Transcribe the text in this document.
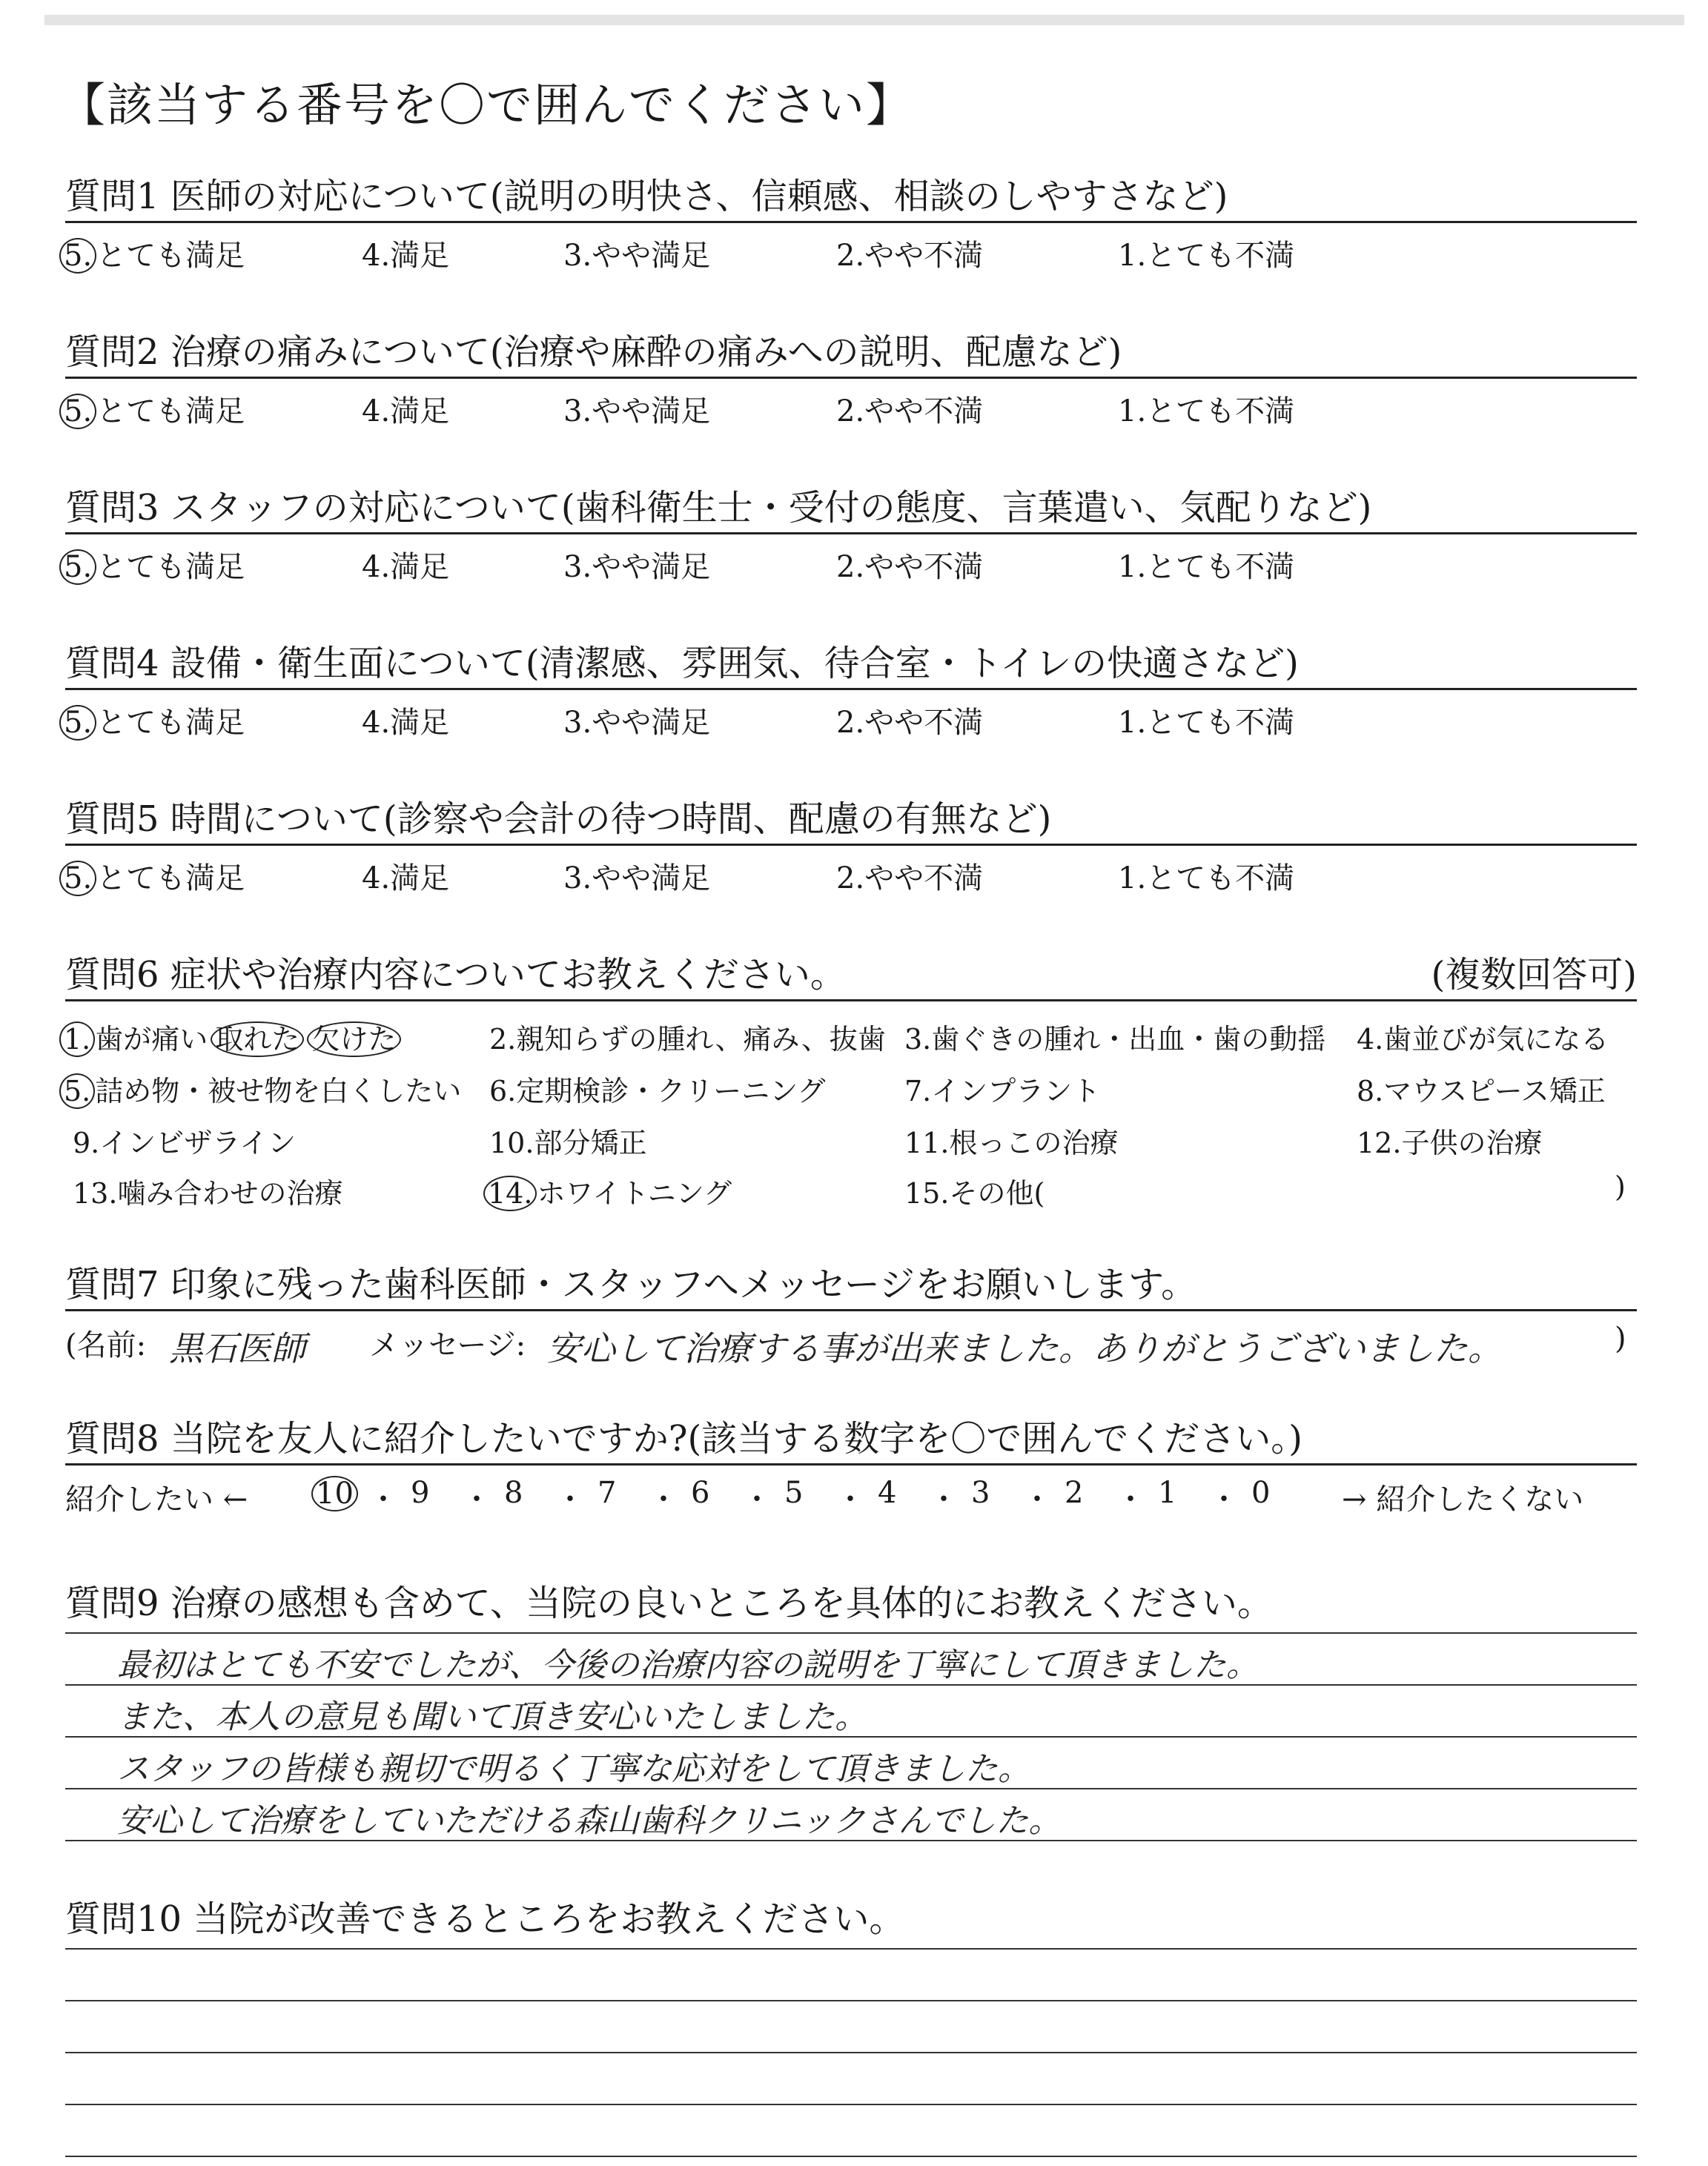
【該当する番号を〇で囲んでください】
質問1 医師の対応について(説明の明快さ、信頼感、相談のしやすさなど)
5. とても満足	4.満足	3.やや満足	2.やや不満	1.とても不満
質問2 治療の痛みについて(治療や麻酔の痛みへの説明、配慮など)
5. とても満足	4.満足	3.やや満足	2.やや不満	1.とても不満
質問3 スタッフの対応について(歯科衛生士・受付の態度、言葉遣い、気配りなど)
5. とても満足	4.満足	3.やや満足	2.やや不満	1.とても不満
質問4 設備・衛生面について(清潔感、雰囲気、待合室・トイレの快適さなど)
5. とても満足	4.満足	3.やや満足	2.やや不満	1.とても不満
質問5 時間について(診察や会計の待つ時間、配慮の有無など)
5. とても満足	4.満足	3.やや満足	2.やや不満	1.とても不満
質問6 症状や治療内容についてお教えください。	(複数回答可)
1. 歯が痛い 取れた 欠けた	2.親知らずの腫れ、痛み、抜歯 3.歯ぐきの腫れ・出血・歯の動揺 4.歯並びが気になる
5. 詰め物・被せ物を白くしたい 6.定期検診・クリーニング	7.インプラント	8.マウスピース矯正
9.インビザライン	10.部分矯正	11.根っこの治療	12.子供の治療
13.噛み合わせの治療	14. ホワイトニング	15.その他(	)
質問7 印象に残った歯科医師・スタッフへメッセージをお願いします。
(名前: 黒石医師 メッセージ: 安心して治療する事が出来ました。ありがとうございました。	)
質問8 当院を友人に紹介したいですか?(該当する数字を〇で囲んでください。)
紹介したい ← 10 ・ 9 ・ 8 ・ 7 ・ 6 ・ 5 ・ 4 ・ 3 ・ 2 ・ 1 ・ 0 → 紹介したくない
質問9 治療の感想も含めて、当院の良いところを具体的にお教えください。
最初はとても不安でしたが、今後の治療内容の説明を丁寧にして頂きました。
また、本人の意見も聞いて頂き安心いたしました。
スタッフの皆様も親切で明るく丁寧な応対をして頂きました。
安心して治療をしていただける森山歯科クリニックさんでした。
質問10 当院が改善できるところをお教えください。
